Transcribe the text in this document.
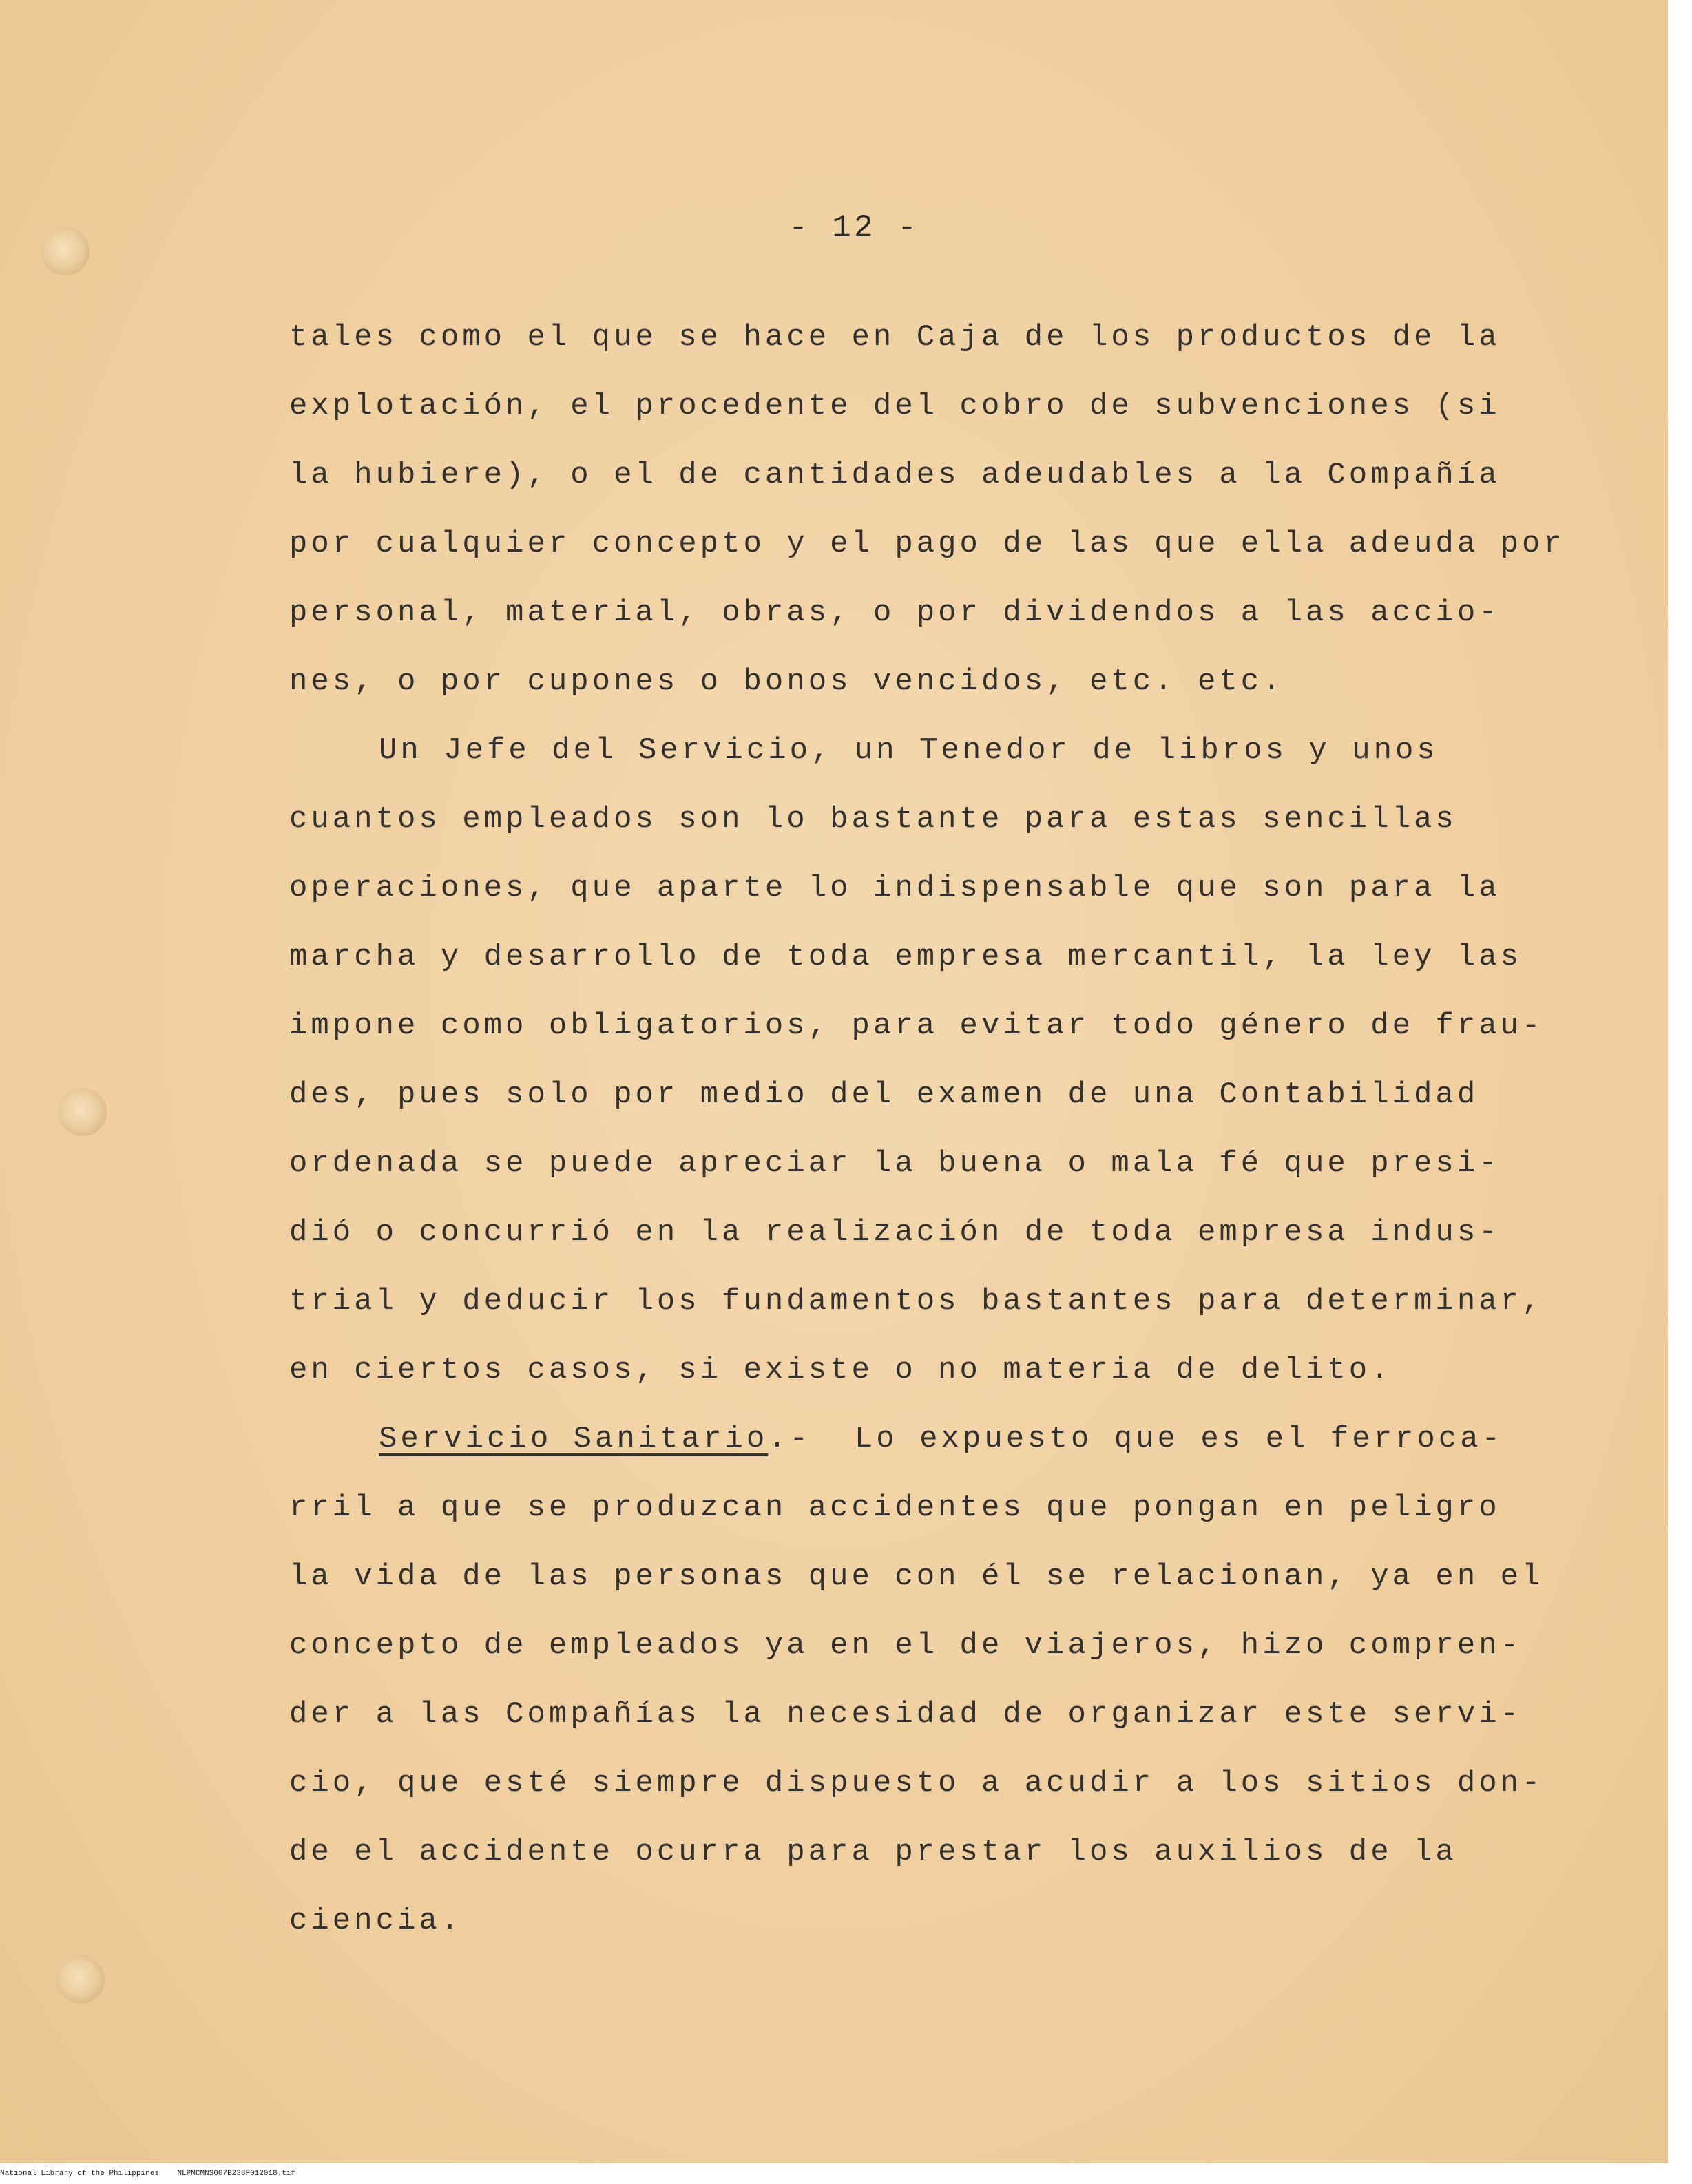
- 12 -
tales como el que se hace en Caja de los productos de la
explotación, el procedente del cobro de subvenciones (si
la hubiere), o el de cantidades adeudables a la Compañía
por cualquier concepto y el pago de las que ella adeuda por
personal, material, obras, o por dividendos a las accio-
nes, o por cupones o bonos vencidos, etc. etc.
Un Jefe del Servicio, un Tenedor de libros y unos
cuantos empleados son lo bastante para estas sencillas
operaciones, que aparte lo indispensable que son para la
marcha y desarrollo de toda empresa mercantil, la ley las
impone como obligatorios, para evitar todo género de frau-
des, pues solo por medio del examen de una Contabilidad
ordenada se puede apreciar la buena o mala fé que presi-
dió o concurrió en la realización de toda empresa indus-
trial y deducir los fundamentos bastantes para determinar,
en ciertos casos, si existe o no materia de delito.
Servicio Sanitario.- Lo expuesto que es el ferroca-
rril a que se produzcan accidentes que pongan en peligro
la vida de las personas que con él se relacionan, ya en el
concepto de empleados ya en el de viajeros, hizo compren-
der a las Compañías la necesidad de organizar este servi-
cio, que esté siempre dispuesto a acudir a los sitios don-
de el accidente ocurra para prestar los auxilios de la
ciencia.
National Library of the Philippines NLPMCMNS007B238F012018.tif
